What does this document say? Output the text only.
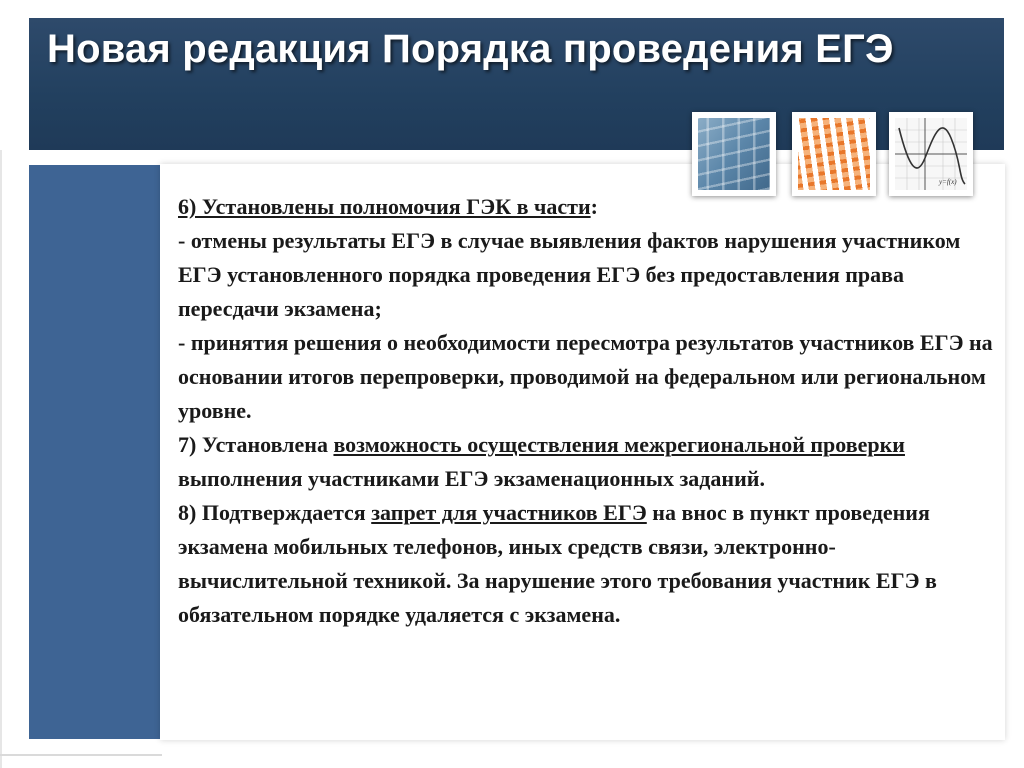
Новая редакция Порядка проведения ЕГЭ
y=f(x)

6) Установлены полномочия ГЭК в части:

- отмены результаты ЕГЭ в случае выявления фактов нарушения участником ЕГЭ установленного порядка проведения ЕГЭ без предоставления права пересдачи экзамена;

- принятия решения о необходимости пересмотра результатов участников ЕГЭ на основании итогов перепроверки, проводимой на федеральном или региональном уровне.

7) Установлена возможность осуществления межрегиональной проверки выполнения участниками ЕГЭ экзаменационных заданий.

8) Подтверждается запрет для участников ЕГЭ на внос в пункт проведения экзамена мобильных телефонов, иных средств связи, электронно-вычислительной техникой. За нарушение этого требования участник ЕГЭ в обязательном порядке удаляется с экзамена.
